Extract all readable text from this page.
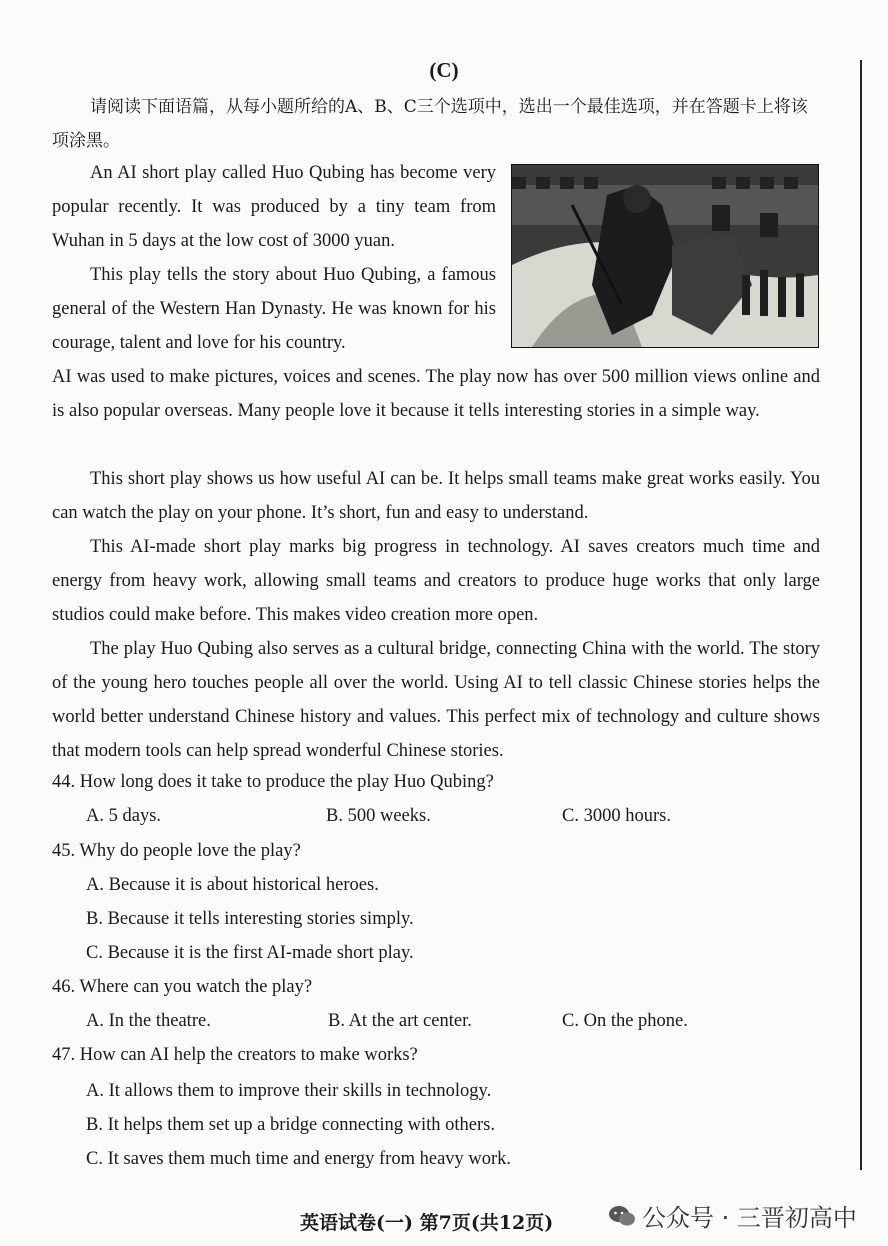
(C)
请阅读下面语篇，从每小题所给的A、B、C三个选项中，选出一个最佳选项，并在答题卡上将该项涂黑。
An AI short play called Huo Qubing has become very popular recently. It was produced by a tiny team from Wuhan in 5 days at the low cost of 3000 yuan.
This play tells the story about Huo Qubing, a famous general of the Western Han Dynasty. He was known for his courage, talent and love for his country.
AI was used to make pictures, voices and scenes. The play now has over 500 million views online and is also popular overseas. Many people love it because it tells interesting stories in a simple way.
This short play shows us how useful AI can be. It helps small teams make great works easily. You can watch the play on your phone. It’s short, fun and easy to understand.
This AI-made short play marks big progress in technology. AI saves creators much time and energy from heavy work, allowing small teams and creators to produce huge works that only large studios could make before. This makes video creation more open.
The play Huo Qubing also serves as a cultural bridge, connecting China with the world. The story of the young hero touches people all over the world. Using AI to tell classic Chinese stories helps the world better understand Chinese history and values. This perfect mix of technology and culture shows that modern tools can help spread wonderful Chinese stories.
44. How long does it take to produce the play Huo Qubing?
A. 5 days.	B. 500 weeks.	C. 3000 hours.
45. Why do people love the play?
A. Because it is about historical heroes.
B. Because it tells interesting stories simply.
C. Because it is the first AI-made short play.
46. Where can you watch the play?
A. In the theatre.	B. At the art center.	C. On the phone.
47. How can AI help the creators to make works?
A. It allows them to improve their skills in technology.
B. It helps them set up a bridge connecting with others.
C. It saves them much time and energy from heavy work.
英语试卷(一) 第7页(共12页)	公众号 · 三晋初高中
